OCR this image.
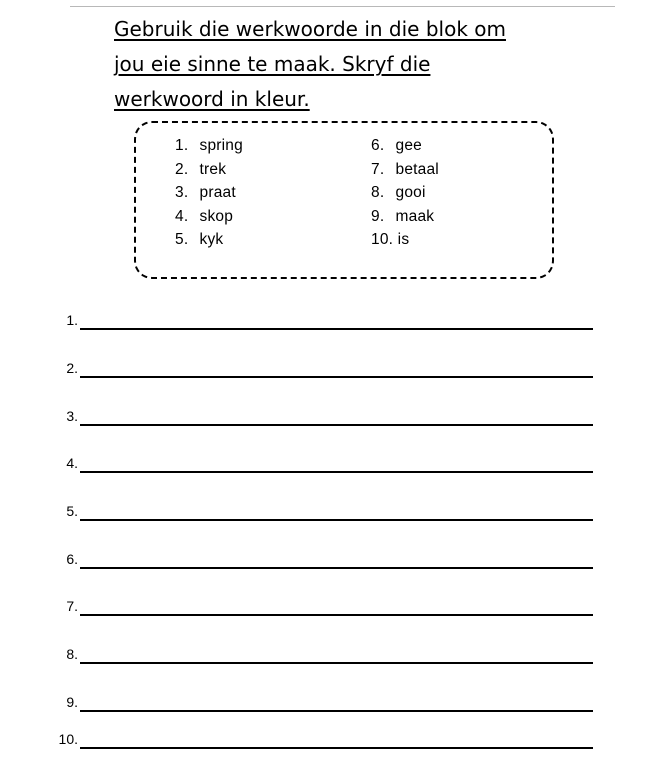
Gebruik die werkwoorde in die blok om
jou eie sinne te maak. Skryf die
werkwoord in kleur.
1. spring
2. trek
3. praat
4. skop
5. kyk
6. gee
7. betaal
8. gooi
9. maak
10. is
1.
2.
3.
4.
5.
6.
7.
8.
9.
10.
